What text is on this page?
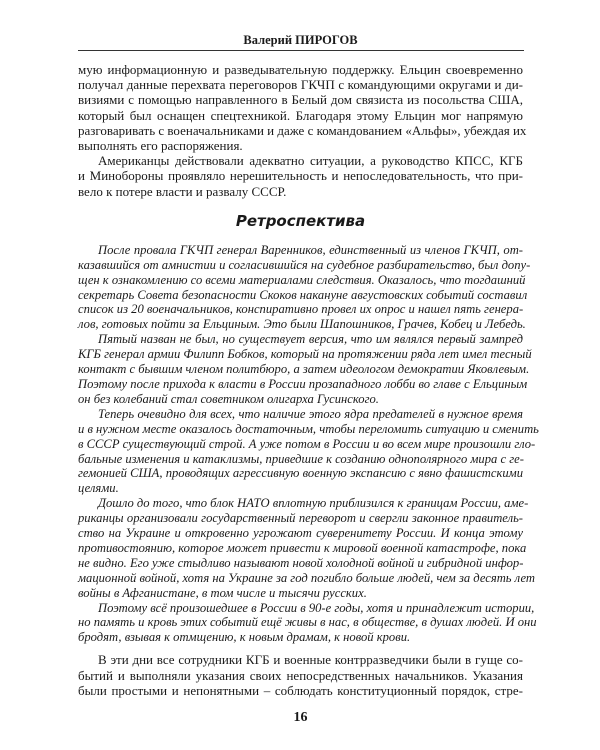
Валерий ПИРОГОВ
мую информационную и разведывательную поддержку. Ельцин своевременно
получал данные перехвата переговоров ГКЧП с командующими округами и ди-
визиями с помощью направленного в Белый дом связиста из посольства США,
который был оснащен спецтехникой. Благодаря этому Ельцин мог напрямую
разговаривать с военачальниками и даже с командованием «Альфы», убеждая их
выполнять его распоряжения.
Американцы действовали адекватно ситуации, а руководство КПСС, КГБ
и Минобороны проявляло нерешительность и непоследовательность, что при-
вело к потере власти и развалу СССР.
Ретроспектива
После провала ГКЧП генерал Варенников, единственный из членов ГКЧП, от-
казавшийся от амнистии и согласившийся на судебное разбирательство, был допу-
щен к ознакомлению со всеми материалами следствия. Оказалось, что тогдашний
секретарь Совета безопасности Скоков накануне августовских событий составил
список из 20 военачальников, конспиративно провел их опрос и нашел пять генера-
лов, готовых пойти за Ельциным. Это были Шапошников, Грачев, Кобец и Лебедь.
Пятый назван не был, но существует версия, что им являлся первый зампред
КГБ генерал армии Филипп Бобков, который на протяжении ряда лет имел тесный
контакт с бывшим членом политбюро, а затем идеологом демократии Яковлевым.
Поэтому после прихода к власти в России прозападного лобби во главе с Ельциным
он без колебаний стал советником олигарха Гусинского.
Теперь очевидно для всех, что наличие этого ядра предателей в нужное время
и в нужном месте оказалось достаточным, чтобы переломить ситуацию и сменить
в СССР существующий строй. А уже потом в России и во всем мире произошли гло-
бальные изменения и катаклизмы, приведшие к созданию однополярного мира с ге-
гемонией США, проводящих агрессивную военную экспансию с явно фашистскими
целями.
Дошло до того, что блок НАТО вплотную приблизился к границам России, аме-
риканцы организовали государственный переворот и свергли законное правитель-
ство на Украине и откровенно угрожают суверенитету России. И конца этому
противостоянию, которое может привести к мировой военной катастрофе, пока
не видно. Его уже стыдливо называют новой холодной войной и гибридной инфор-
мационной войной, хотя на Украине за год погибло больше людей, чем за десять лет
войны в Афганистане, в том числе и тысячи русских.
Поэтому всё произошедшее в России в 90-е годы, хотя и принадлежит истории,
но память и кровь этих событий ещё живы в нас, в обществе, в душах людей. И они
бродят, взывая к отмщению, к новым драмам, к новой крови.
В эти дни все сотрудники КГБ и военные контрразведчики были в гуще со-
бытий и выполняли указания своих непосредственных начальников. Указания
были простыми и непонятными – соблюдать конституционный порядок, стре-
16
